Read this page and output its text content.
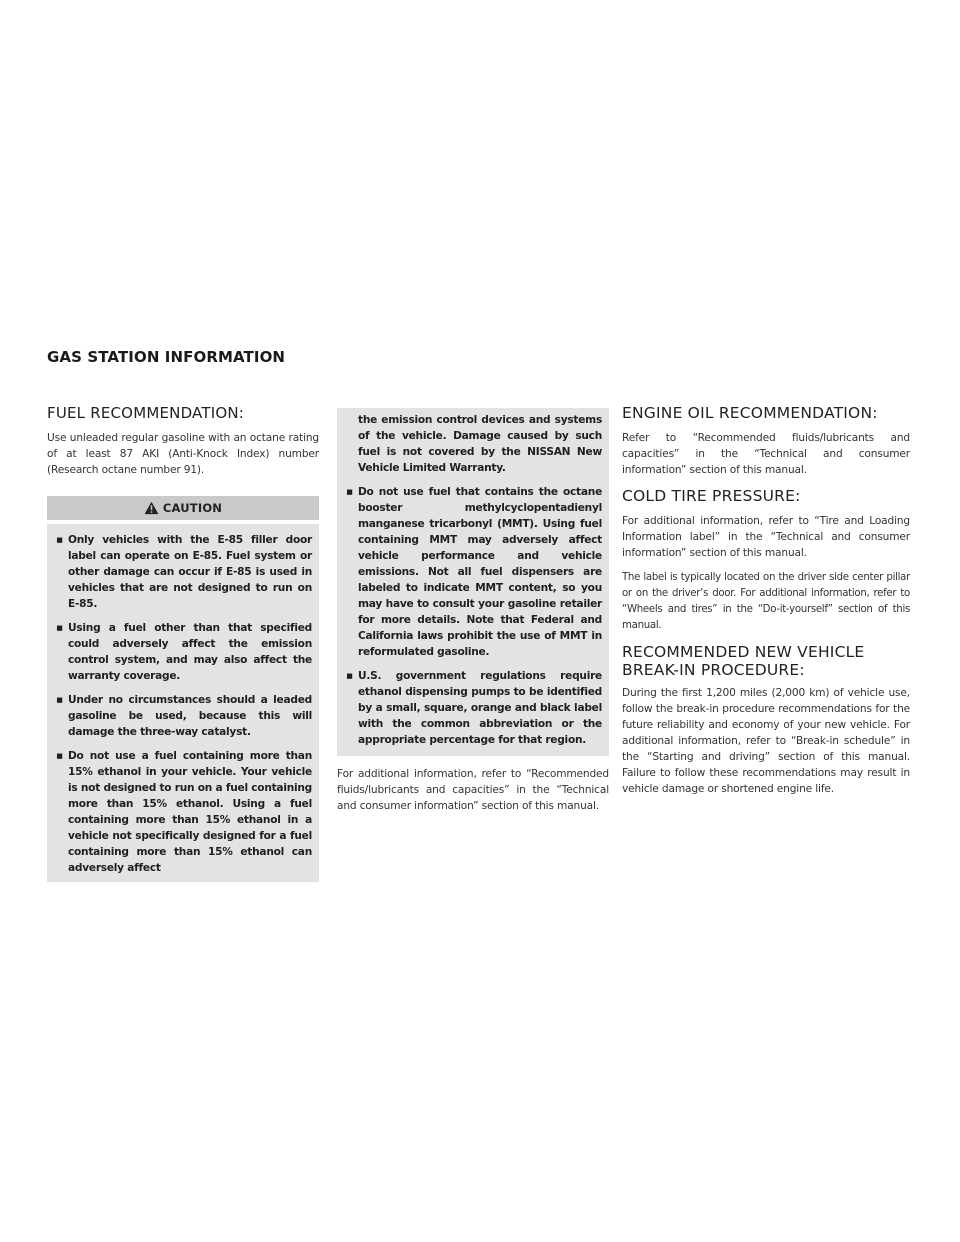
GAS STATION INFORMATION
FUEL RECOMMENDATION:

Use unleaded regular gasoline with an octane rating of at least 87 AKI (Anti-Knock Index) number (Research octane number 91).

CAUTION
▪ Only vehicles with the E-85 filler door label can operate on E-85. Fuel system or other damage can occur if E-85 is used in vehicles that are not designed to run on E-85.
▪ Using a fuel other than that specified could adversely affect the emission control system, and may also affect the warranty coverage.
▪ Under no circumstances should a leaded gasoline be used, because this will damage the three-way catalyst.
▪ Do not use a fuel containing more than 15% ethanol in your vehicle. Your vehicle is not designed to run on a fuel containing more than 15% ethanol. Using a fuel containing more than 15% ethanol in a vehicle not specifically designed for a fuel containing more than 15% ethanol can adversely affect
the emission control devices and systems of the vehicle. Damage caused by such fuel is not covered by the NISSAN New Vehicle Limited Warranty.
▪ Do not use fuel that contains the octane booster methylcyclopentadienyl manganese tricarbonyl (MMT). Using fuel containing MMT may adversely affect vehicle performance and vehicle emissions. Not all fuel dispensers are labeled to indicate MMT content, so you may have to consult your gasoline retailer for more details. Note that Federal and California laws prohibit the use of MMT in reformulated gasoline.
▪ U.S. government regulations require ethanol dispensing pumps to be identified by a small, square, orange and black label with the common abbreviation or the appropriate percentage for that region.

For additional information, refer to “Recommended fluids/lubricants and capacities” in the “Technical and consumer information” section of this manual.

ENGINE OIL RECOMMENDATION:

Refer to “Recommended fluids/lubricants and capacities” in the “Technical and consumer information” section of this manual.

COLD TIRE PRESSURE:

For additional information, refer to “Tire and Loading Information label” in the “Technical and consumer information” section of this manual.

The label is typically located on the driver side center pillar or on the driver’s door. For additional information, refer to “Wheels and tires” in the “Do-it-yourself” section of this manual.

RECOMMENDED NEW VEHICLE
BREAK-IN PROCEDURE:

During the first 1,200 miles (2,000 km) of vehicle use, follow the break-in procedure recommendations for the future reliability and economy of your new vehicle. For additional information, refer to “Break-in schedule” in the “Starting and driving” section of this manual. Failure to follow these recommendations may result in vehicle damage or shortened engine life.
